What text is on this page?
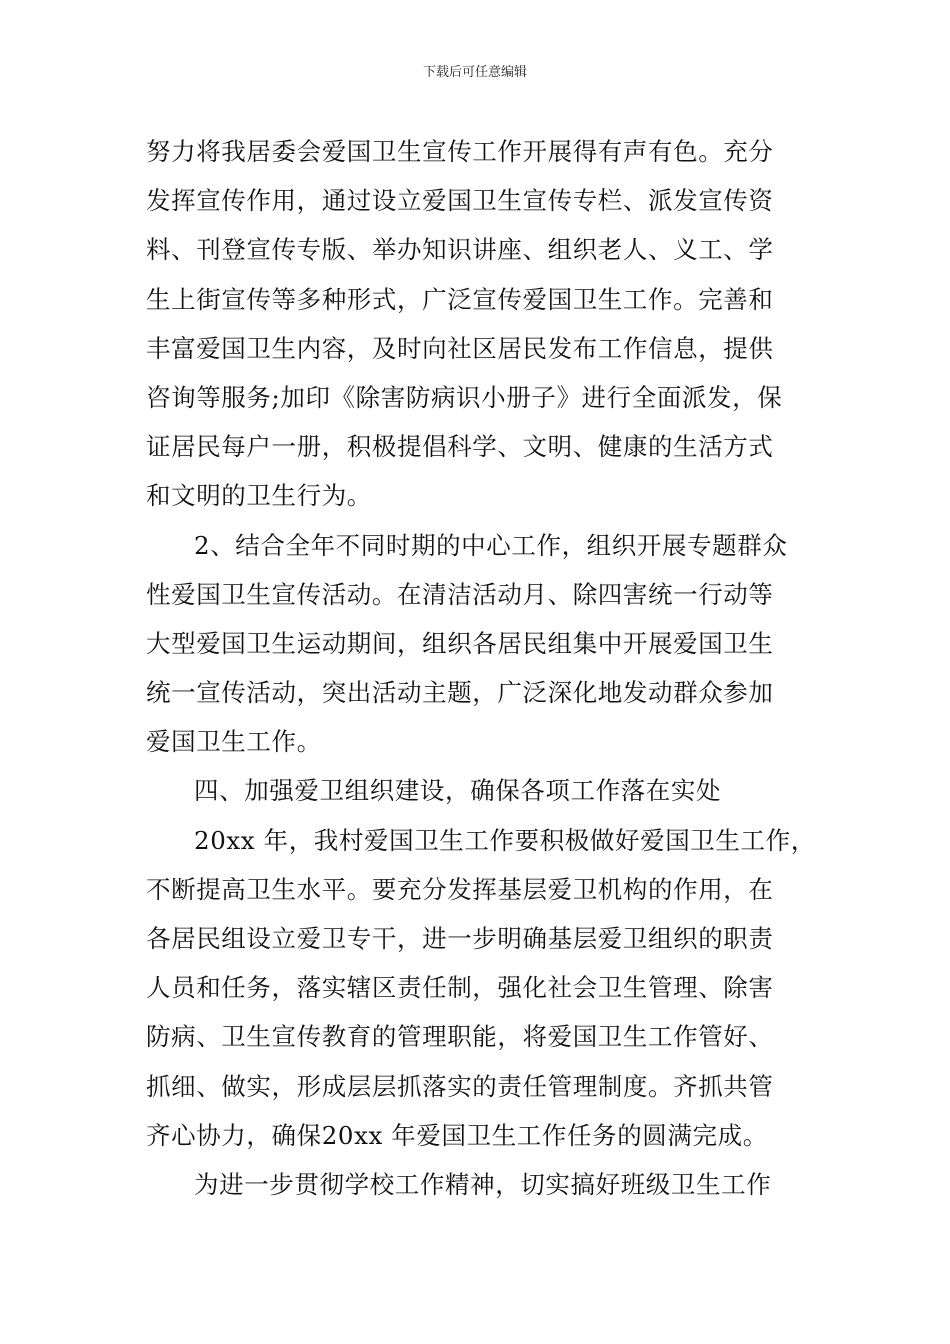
下载后可任意编辑
努力将我居委会爱国卫生宣传工作开展得有声有色。充分
发挥宣传作用，通过设立爱国卫生宣传专栏、派发宣传资
料、刊登宣传专版、举办知识讲座、组织老人、义工、学
生上街宣传等多种形式，广泛宣传爱国卫生工作。完善和
丰富爱国卫生内容，及时向社区居民发布工作信息，提供
咨询等服务;加印《除害防病识小册子》进行全面派发，保
证居民每户一册，积极提倡科学、文明、健康的生活方式
和文明的卫生行为。
2、结合全年不同时期的中心工作，组织开展专题群众
性爱国卫生宣传活动。在清洁活动月、除四害统一行动等
大型爱国卫生运动期间，组织各居民组集中开展爱国卫生
统一宣传活动，突出活动主题，广泛深化地发动群众参加
爱国卫生工作。
四、加强爱卫组织建设，确保各项工作落在实处
20xx 年，我村爱国卫生工作要积极做好爱国卫生工作，
不断提高卫生水平。要充分发挥基层爱卫机构的作用，在
各居民组设立爱卫专干，进一步明确基层爱卫组织的职责
人员和任务，落实辖区责任制，强化社会卫生管理、除害
防病、卫生宣传教育的管理职能，将爱国卫生工作管好、
抓细、做实，形成层层抓落实的责任管理制度。齐抓共管
齐心协力，确保20xx 年爱国卫生工作任务的圆满完成。
为进一步贯彻学校工作精神，切实搞好班级卫生工作
